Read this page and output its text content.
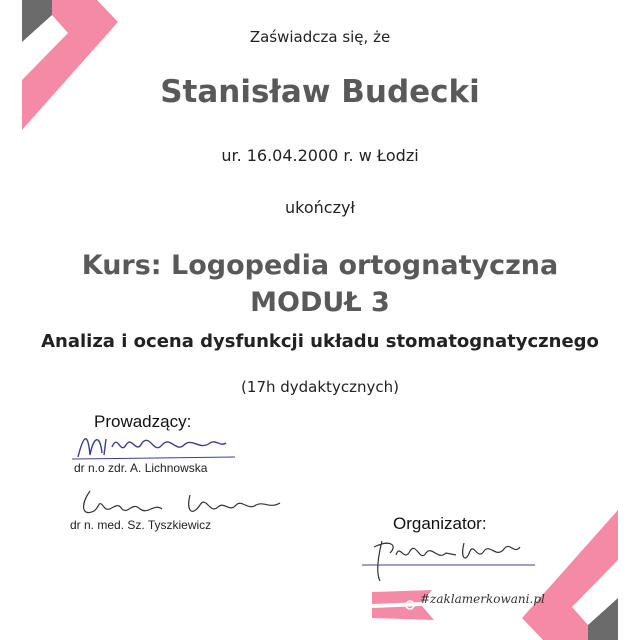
Zaświadcza się, że
Stanisław Budecki
ur. 16.04.2000 r. w Łodzi
ukończył
Kurs: Logopedia ortognatyczna
MODUŁ 3
Analiza i ocena dysfunkcji układu stomatognatycznego
(17h dydaktycznych)
Prowadzący:
dr n.o zdr. A. Lichnowska
dr n. med. Sz. Tyszkiewicz	Organizator:
#zaklamerkowani.pl
